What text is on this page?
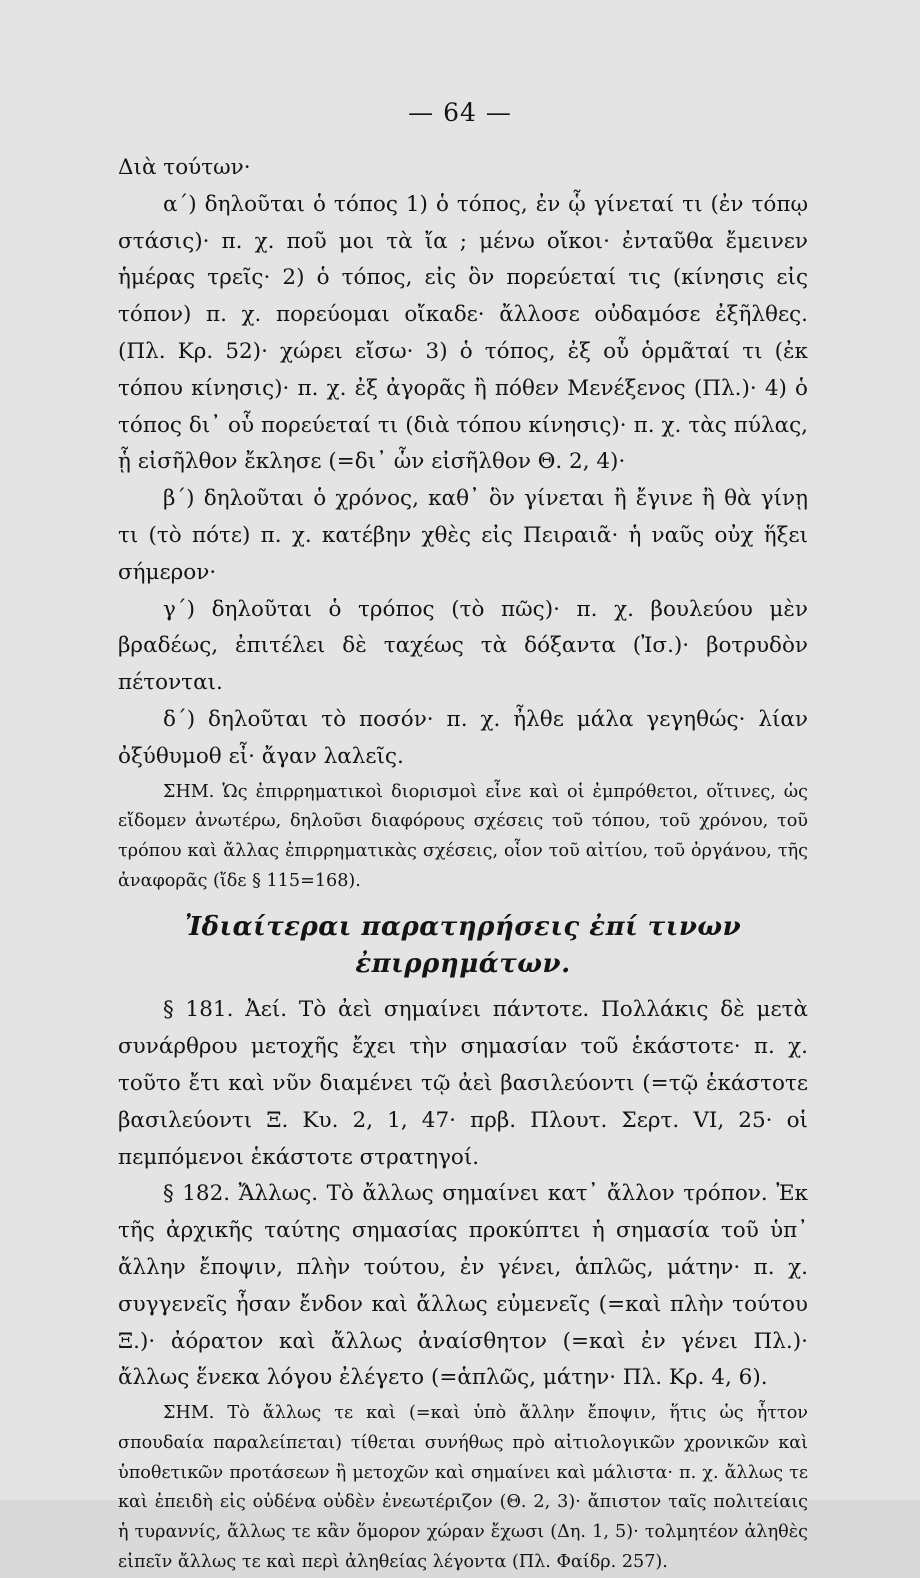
— 64 —

Διὰ τούτων·

α΄) δηλοῦται ὁ τόπος 1) ὁ τόπος, ἐν ᾧ γίνεταί τι (ἐν τόπῳ στάσις)· π. χ. ποῦ μοι τὰ ἴα ; μένω οἴκοι· ἐνταῦθα ἔμεινεν ἡμέρας τρεῖς· 2) ὁ τόπος, εἰς ὃν πορεύεταί τις (κίνησις εἰς τόπον) π. χ. πορεύομαι οἴκαδε· ἄλλοσε οὐδαμόσε ἐξῆλθες. (Πλ. Κρ. 52)· χώρει εἴσω· 3) ὁ τόπος, ἐξ οὗ ὁρμᾶταί τι (ἐκ τόπου κίνησις)· π. χ. ἐξ ἀγορᾶς ἢ πόθεν Μενέξενος (Πλ.)· 4) ὁ τόπος δι᾽ οὗ πορεύεταί τι (διὰ τόπου κίνησις)· π. χ. τὰς πύλας, ᾗ εἰσῆλθον ἔκλησε (=δι᾽ ὧν εἰσῆλθον Θ. 2, 4)·

β΄) δηλοῦται ὁ χρόνος, καθ᾽ ὃν γίνεται ἢ ἔγινε ἢ θὰ γίνῃ τι (τὸ πότε) π. χ. κατέβην χθὲς εἰς Πειραιᾶ· ἡ ναῦς οὐχ ἥξει σήμερον·

γ΄) δηλοῦται ὁ τρόπος (τὸ πῶς)· π. χ. βουλεύου μὲν βραδέως, ἐπιτέλει δὲ ταχέως τὰ δόξαντα (Ἰσ.)· βοτρυδὸν πέτονται.

δ΄) δηλοῦται τὸ ποσόν· π. χ. ἦλθε μάλα γεγηθώς· λίαν ὀξύθυμοθ εἶ· ἄγαν λαλεῖς.

ΣΗΜ. Ὡς ἐπιρρηματικοὶ διορισμοὶ εἶνε καὶ οἱ ἐμπρόθετοι, οἵτινες, ὡς εἴδομεν ἀνωτέρω, δηλοῦσι διαφόρους σχέσεις τοῦ τόπου, τοῦ χρόνου, τοῦ τρόπου καὶ ἄλλας ἐπιρρηματικὰς σχέσεις, οἷον τοῦ αἰτίου, τοῦ ὀργάνου, τῆς ἀναφορᾶς (ἴδε § 115=168).

Ἰδιαίτεραι παρατηρήσεις ἐπί τινων ἐπιρρημάτων.

§ 181. Ἀεί. Τὸ ἀεὶ σημαίνει πάντοτε. Πολλάκις δὲ μετὰ συνάρθρου μετοχῆς ἔχει τὴν σημασίαν τοῦ ἑκάστοτε· π. χ. τοῦτο ἔτι καὶ νῦν διαμένει τῷ ἀεὶ βασιλεύοντι (=τῷ ἑκάστοτε βασιλεύοντι Ξ. Κυ. 2, 1, 47· πρβ. Πλουτ. Σερτ. VI, 25· οἱ πεμπόμενοι ἑκάστοτε στρατηγοί.

§ 182. Ἄλλως. Τὸ ἄλλως σημαίνει κατ᾽ ἄλλον τρόπον. Ἐκ τῆς ἀρχικῆς ταύτης σημασίας προκύπτει ἡ σημασία τοῦ ὑπ᾽ ἄλλην ἔποψιν, πλὴν τούτου, ἐν γένει, ἁπλῶς, μάτην· π. χ. συγγενεῖς ἦσαν ἔνδον καὶ ἄλλως εὐμενεῖς (=καὶ πλὴν τούτου Ξ.)· ἀόρατον καὶ ἄλλως ἀναίσθητον (=καὶ ἐν γένει Πλ.)· ἄλλως ἕνεκα λόγου ἐλέγετο (=ἁπλῶς, μάτην· Πλ. Κρ. 4, 6).

ΣΗΜ. Τὸ ἄλλως τε καὶ (=καὶ ὑπὸ ἄλλην ἔποψιν, ἥτις ὡς ἧττον σπουδαία παραλείπεται) τίθεται συνήθως πρὸ αἰτιολογικῶν χρονικῶν καὶ ὑποθετικῶν προτάσεων ἢ μετοχῶν καὶ σημαίνει καὶ μάλιστα· π. χ. ἄλλως τε καὶ ἐπειδὴ εἰς οὐδένα οὐδὲν ἐνεωτέριζον (Θ. 2, 3)· ἄπιστον ταῖς πολιτείαις ἡ τυραννίς, ἄλλως τε κἂν ὅμορον χώραν ἔχωσι (Δη. 1, 5)· τολμητέον ἀληθὲς εἰπεῖν ἄλλως τε καὶ περὶ ἀληθείας λέγοντα (Πλ. Φαίδρ. 257).
